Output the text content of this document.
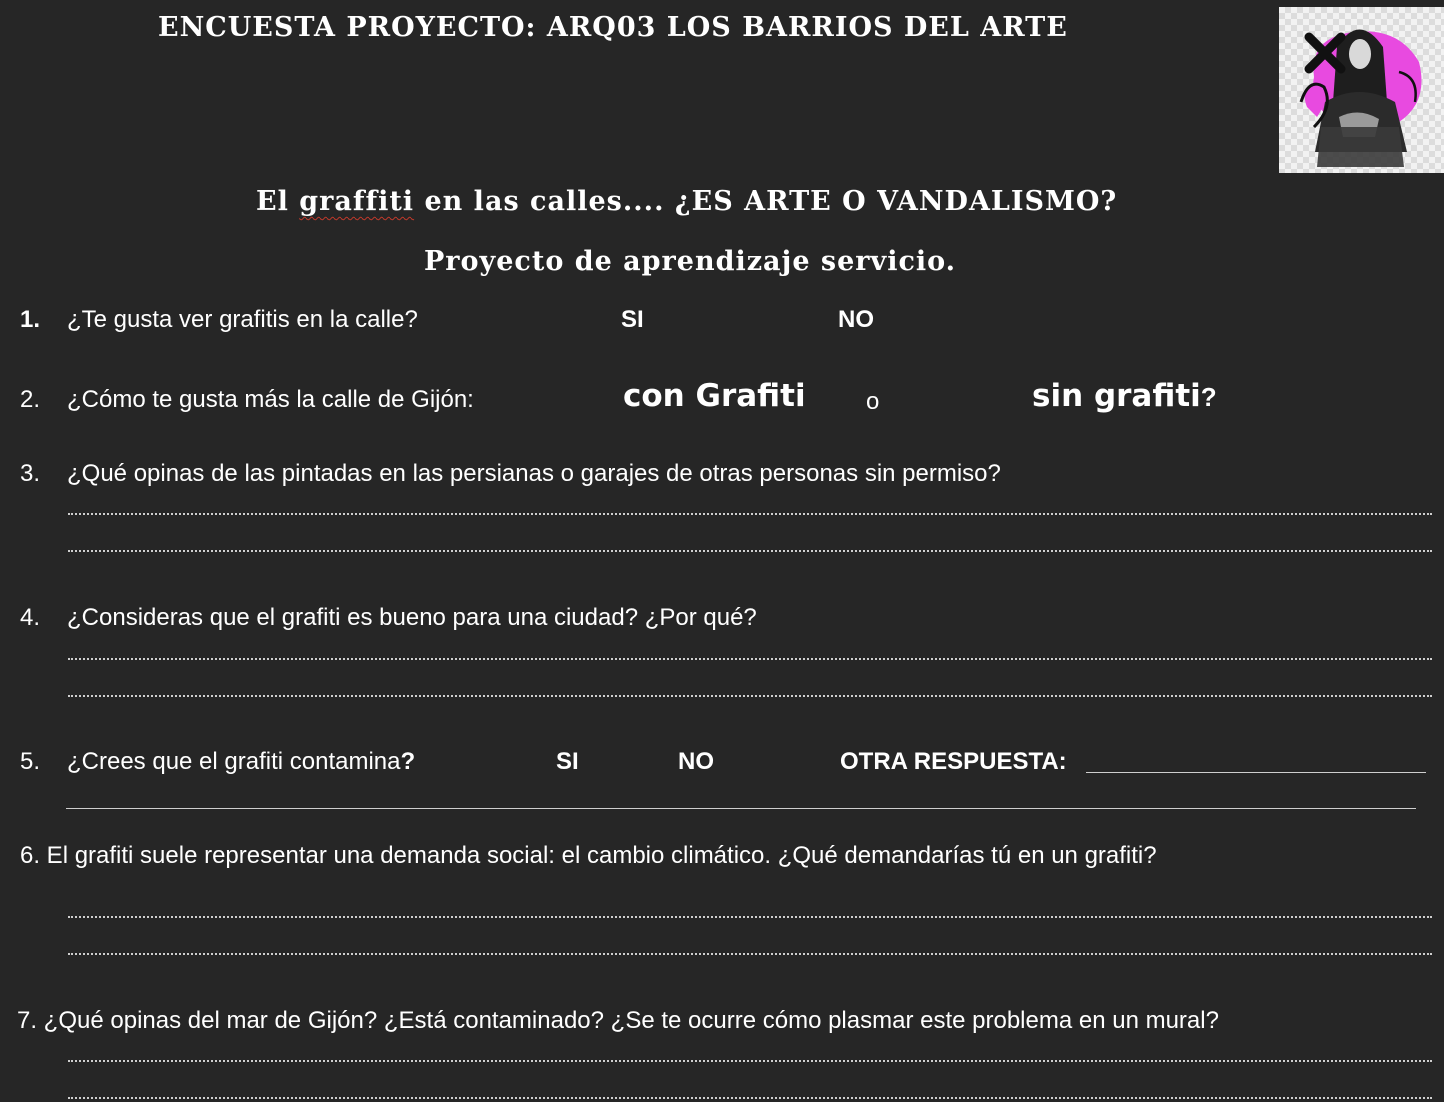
ENCUESTA PROYECTO: ARQ03 LOS BARRIOS DEL ARTE
El graffiti en las calles.... ¿ES ARTE O VANDALISMO?
Proyecto de aprendizaje servicio.
1. ¿Te gusta ver grafitis en la calle?	SI	NO
2. ¿Cómo te gusta más la calle de Gijón:	con Grafiti	o	sin grafiti?
3. ¿Qué opinas de las pintadas en las persianas o garajes de otras personas sin permiso?
4. ¿Consideras que el grafiti es bueno para una ciudad? ¿Por qué?
5. ¿Crees que el grafiti contamina?	SI	NO	OTRA RESPUESTA:
6. El grafiti suele representar una demanda social: el cambio climático. ¿Qué demandarías tú en un grafiti?
7. ¿Qué opinas del mar de Gijón? ¿Está contaminado? ¿Se te ocurre cómo plasmar este problema en un mural?
